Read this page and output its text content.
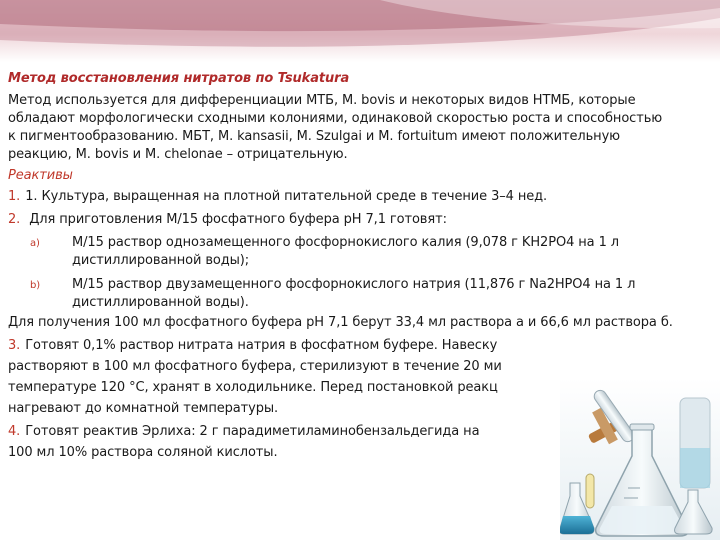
Метод восстановления нитратов по Tsukatura

Метод используется для дифференциации МТБ, M. bovis и некоторых видов НТМБ, которые

обладают морфологически сходными колониями, одинаковой скоростью роста и способностью

к пигментообразованию. МБТ, M. kansasii, M. Szulgai и M. fortuitum имеют положительную

реакцию, M. bovis и M. chelonae – отрицательную.

Реактивы
1. 1. Культура, выращенная на плотной питательной среде в течение 3–4 нед.
2. Для приготовления М/15 фосфатного буфера рН 7,1 готовят:
a)	М/15 раствор однозамещенного фосфорнокислого калия (9,078 г KH2PO4 на 1 л дистиллированной воды);
b)	М/15 раствор двузамещенного фосфорнокислого натрия (11,876 г Na2HPO4 на 1 л дистиллированной воды).

Для получения 100 мл фосфатного буфера рН 7,1 берут 33,4 мл раствора а и 66,6 мл раствора б.

3. Готовят 0,1% раствор нитрата натрия в фосфатном буфере. Навеску

растворяют в 100 мл фосфатного буфера, стерилизуют в течение 20 ми

температуре 120 °С, хранят в холодильнике. Перед постановкой реакц

нагревают до комнатной температуры.

4. Готовят реактив Эрлиха: 2 г парадиметиламинобензальдегида на

100 мл 10% раствора соляной кислоты.
